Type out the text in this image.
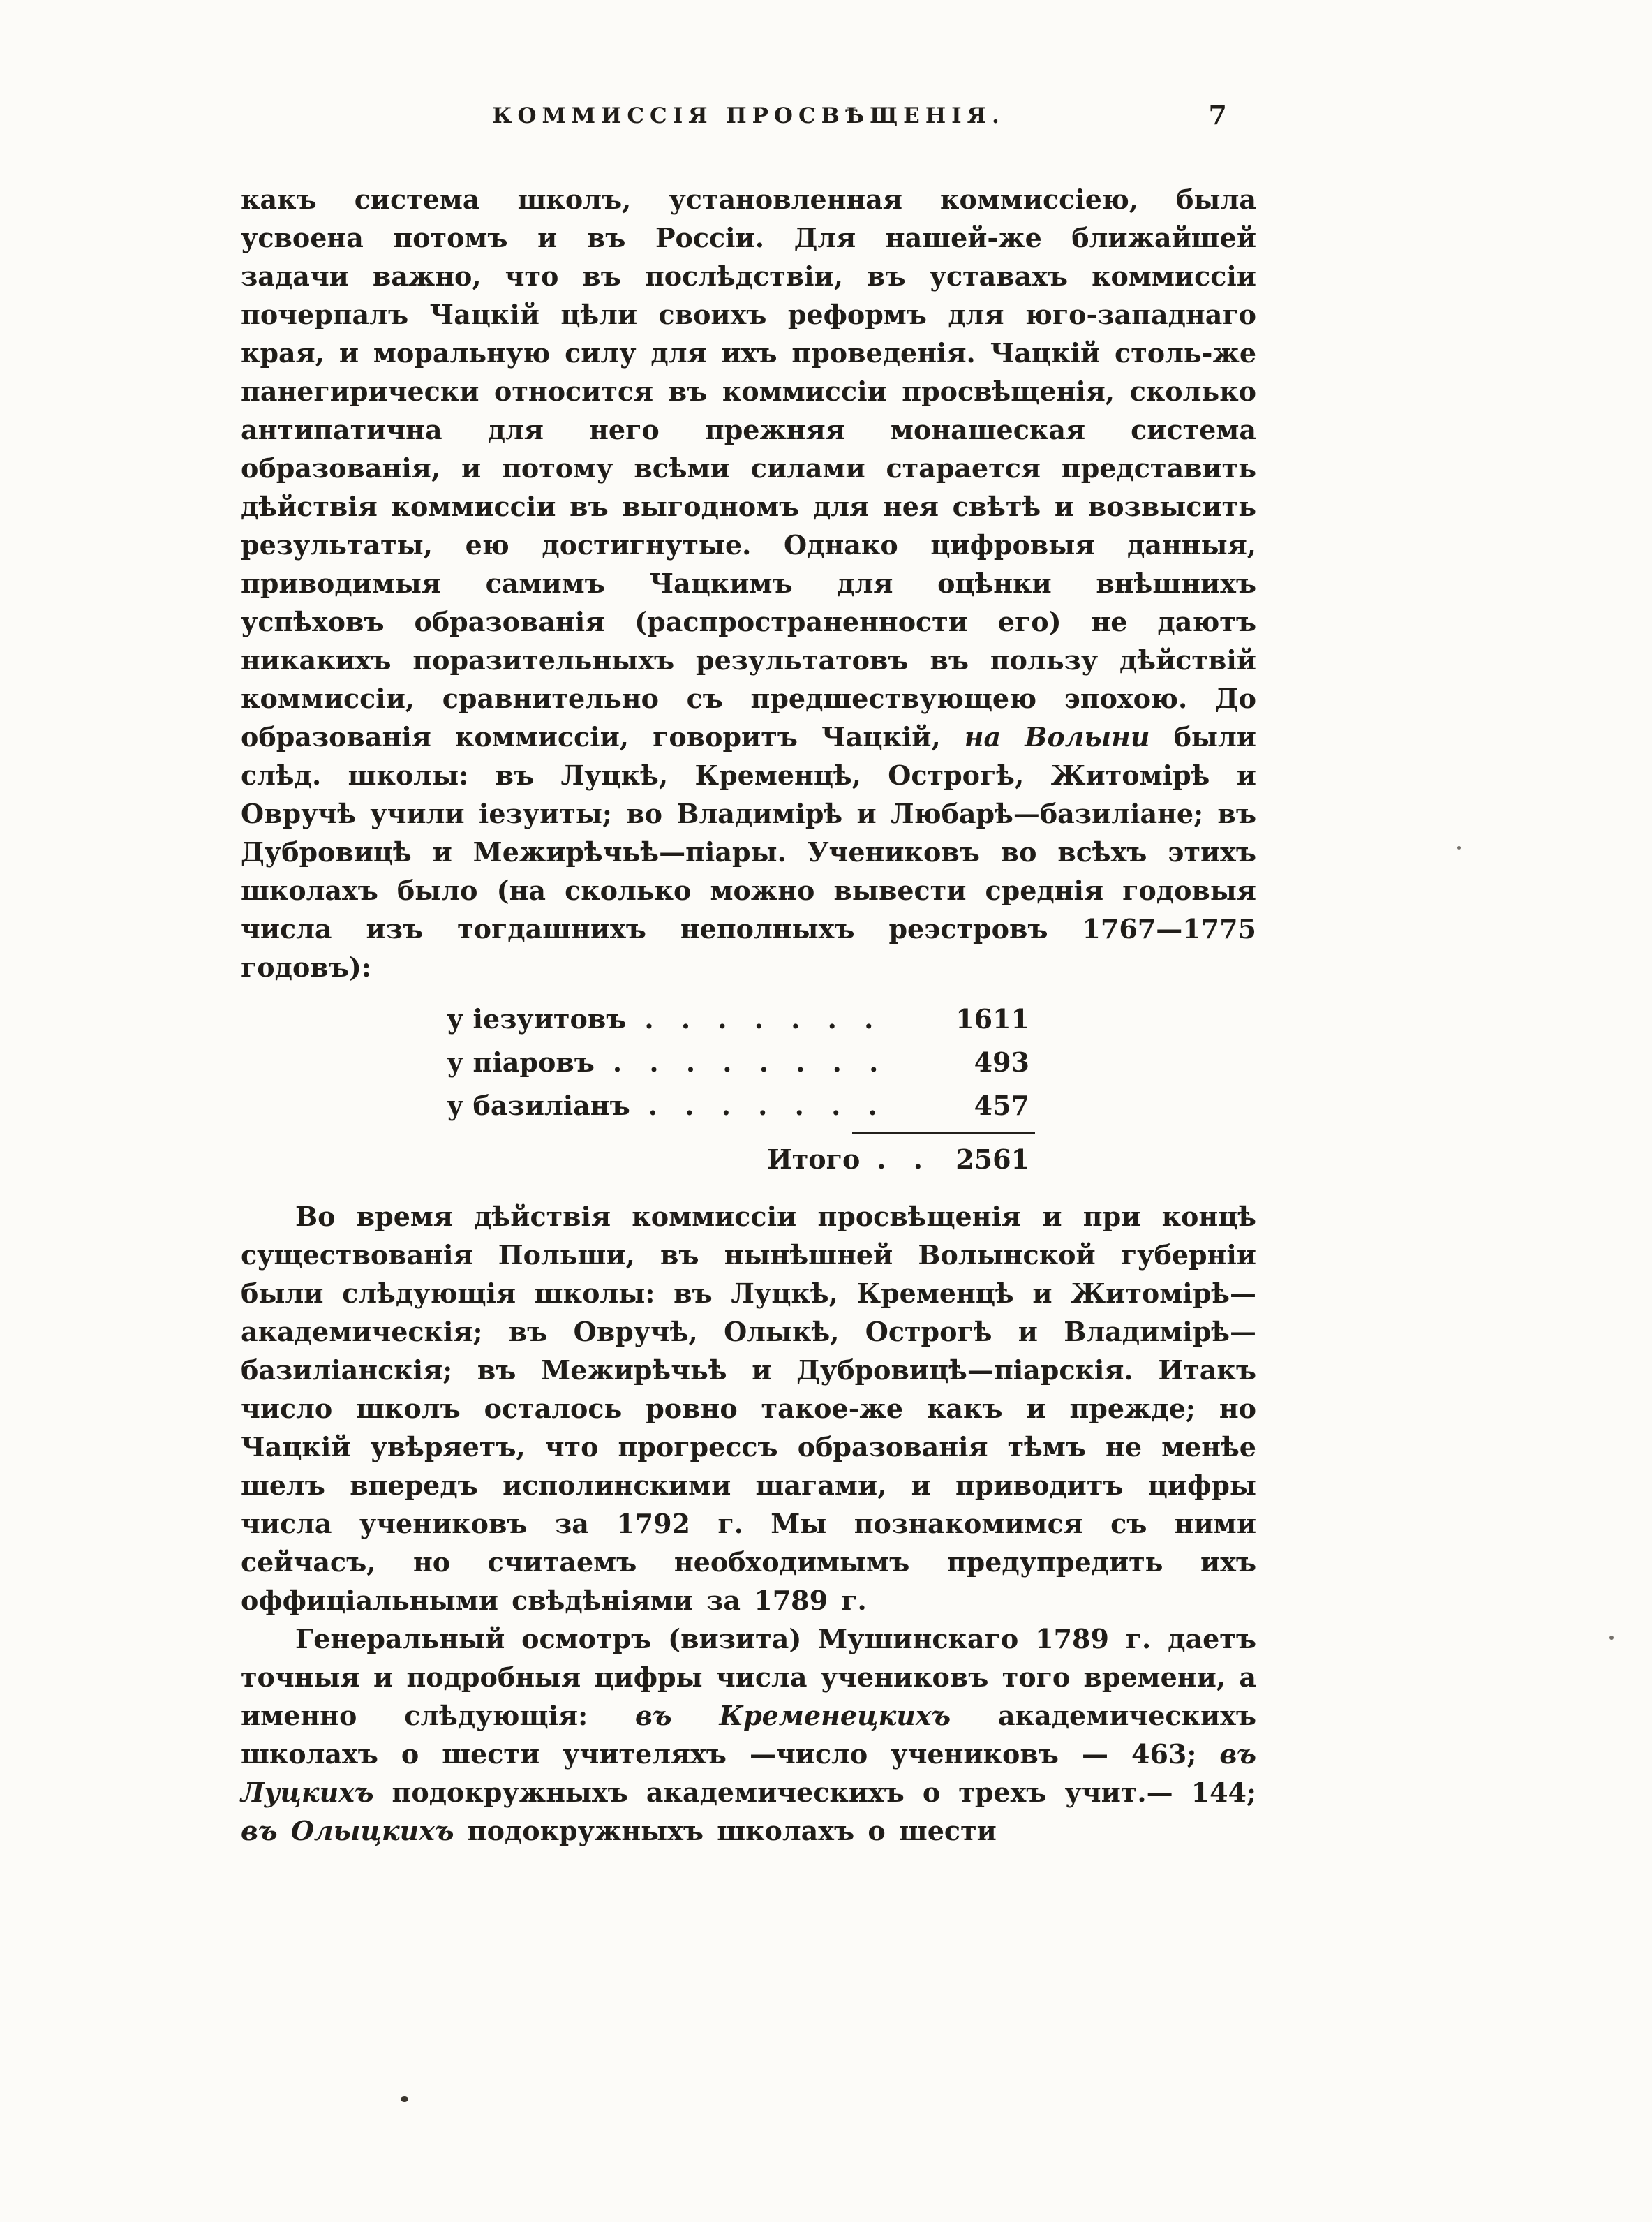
КОММИССІЯ ПРОСВѢЩЕНІЯ.	7

какъ система школъ, установленная коммиссіею, была усвоена потомъ и въ Россіи. Для нашей-же ближайшей задачи важно, что въ послѣдствіи, въ уставахъ коммиссіи почерпалъ Чацкій цѣли своихъ реформъ для юго-западнаго края, и моральную силу для ихъ проведенія. Чацкій столь-же панегирически относится въ коммиссіи просвѣщенія, сколько антипатична для него прежняя монашеская система образованія, и потому всѣми силами старается представить дѣйствія коммиссіи въ выгодномъ для нея свѣтѣ и возвысить результаты, ею достигнутые. Однако цифровыя данныя, приводимыя самимъ Чацкимъ для оцѣнки внѣшнихъ успѣховъ образованія (распространенности его) не даютъ никакихъ поразительныхъ результатовъ въ пользу дѣйствій коммиссіи, сравнительно съ предшествующею эпохою. До образованія коммиссіи, говоритъ Чацкій, на Волыни были слѣд. школы: въ Луцкѣ, Кременцѣ, Острогѣ, Житомірѣ и Овручѣ учили іезуиты; во Владимірѣ и Любарѣ—базиліане; въ Дубровицѣ и Межирѣчьѣ—піары. Учениковъ во всѣхъ этихъ школахъ было (на сколько можно вывести среднія годовыя числа изъ тогдашнихъ неполныхъ реэстровъ 1767—1775 годовъ):

у іезуитовъ . . . . . . .	1611
у піаровъ . . . . . . . .	493
у базиліанъ . . . . . . .	457
Итого . .	2561

Во время дѣйствія коммиссіи просвѣщенія и при концѣ существованія Польши, въ нынѣшней Волынской губерніи были слѣдующія школы: въ Луцкѣ, Кременцѣ и Житомірѣ—академическія; въ Овручѣ, Олыкѣ, Острогѣ и Владимірѣ—базиліанскія; въ Межирѣчьѣ и Дубровицѣ—піарскія. Итакъ число школъ осталось ровно такое-же какъ и прежде; но Чацкій увѣряетъ, что прогрессъ образованія тѣмъ не менѣе шелъ впередъ исполинскими шагами, и приводитъ цифры числа учениковъ за 1792 г. Мы познакомимся съ ними сейчасъ, но считаемъ необходимымъ предупредить ихъ оффиціальными свѣдѣніями за 1789 г.

Генеральный осмотръ (визита) Мушинскаго 1789 г. даетъ точныя и подробныя цифры числа учениковъ того времени, а именно слѣдующія: въ Кременецкихъ академическихъ школахъ о шести учителяхъ —число учениковъ — 463; въ Луцкихъ подокружныхъ академическихъ о трехъ учит.— 144; въ Олыцкихъ подокружныхъ школахъ о шести
